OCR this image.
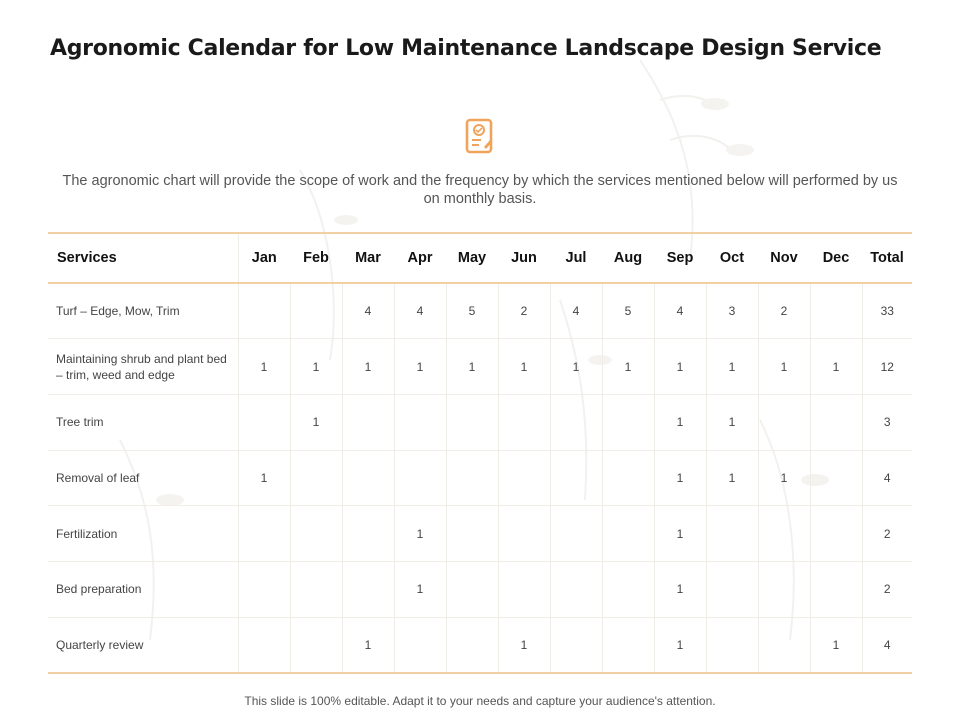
Agronomic Calendar for Low Maintenance Landscape Design Service

The agronomic chart will provide the scope of work and the frequency by which the services mentioned below will performed by us on monthly basis.

Services	Jan	Feb	Mar	Apr	May	Jun	Jul	Aug	Sep	Oct	Nov	Dec	Total
Turf – Edge, Mow, Trim			4	4	5	2	4	5	4	3	2		33
Maintaining shrub and plant bed – trim, weed and edge	1	1	1	1	1	1	1	1	1	1	1	1	12
Tree trim		1							1	1			3
Removal of leaf	1								1	1	1		4
Fertilization				1					1				2
Bed preparation				1					1				2
Quarterly review			1			1			1			1	4

This slide is 100% editable. Adapt it to your needs and capture your audience's attention.
